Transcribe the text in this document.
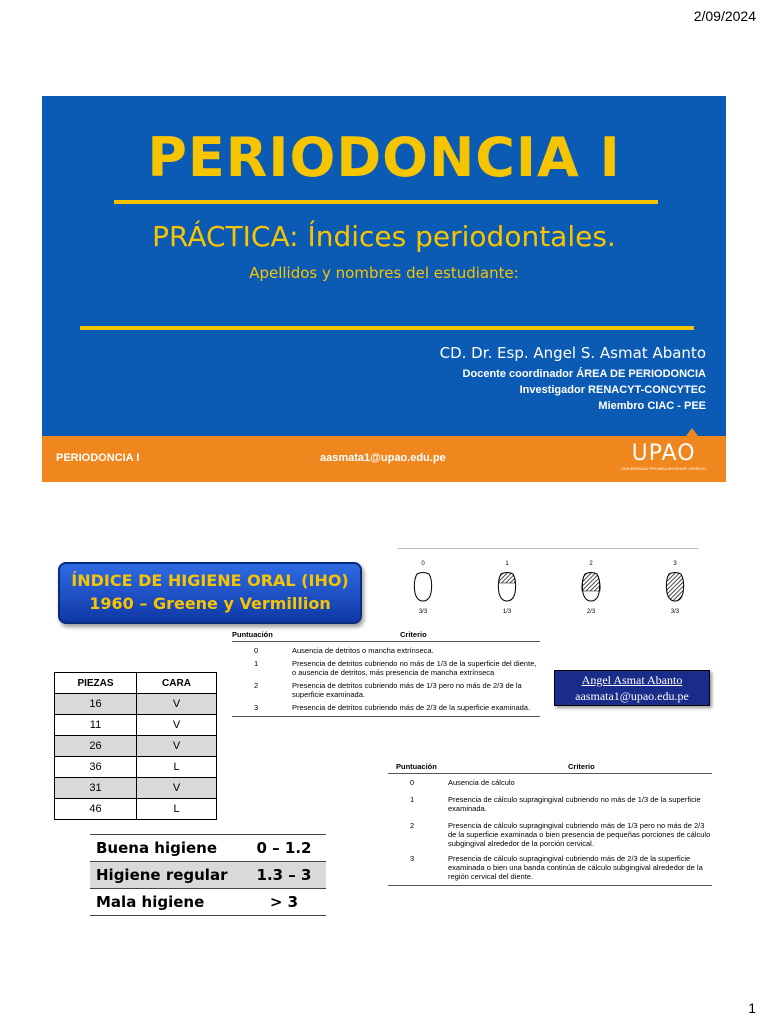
2/09/2024
PERIODONCIA I
PRÁCTICA: Índices periodontales.
Apellidos y nombres del estudiante:
CD. Dr. Esp. Angel S. Asmat Abanto
Docente coordinador ÁREA DE PERIODONCIA
Investigador RENACYT-CONCYTEC
Miembro CIAC - PEE
PERIODONCIA I	aasmata1@upao.edu.pe	UPAO
UNIVERSIDAD PRIVADA ANTENOR ORREGO
ÍNDICE DE HIGIENE ORAL (IHO)
1960 – Greene y Vermillion
0
3/3
1
1/3
2
2/3
3
3/3
Puntuación	Criterio
0	Ausencia de detritos o mancha extrínseca.
1	Presencia de detritos cubriendo no más de 1/3 de la superficie del diente, o ausencia de detritos, más presencia de mancha extrínseca
2	Presencia de detritos cubriendo más de 1/3 pero no más de 2/3 de la superficie examinada.
3	Presencia de detritos cubriendo más de 2/3 de la superficie examinada.
Angel Asmat Abanto
aasmata1@upao.edu.pe
PIEZAS	CARA
16	V
11	V
26	V
36	L
31	V
46	L
Puntuación	Criterio
0	Ausencia de cálculo
1	Presencia de cálculo supragingival cubriendo no más de 1/3 de la superficie examinada.
2	Presencia de cálculo supragingival cubriendo más de 1/3 pero no más de 2/3 de la superficie examinada o bien presencia de pequeñas porciones de cálculo subgingival alrededor de la porción cervical.
3	Presencia de cálculo supragingival cubriendo más de 2/3 de la superficie examinada o bien una banda continúa de cálculo subgingival alrededor de la región cervical del diente.
Buena higiene	0 – 1.2
Higiene regular	1.3 – 3
Mala higiene	> 3
1
